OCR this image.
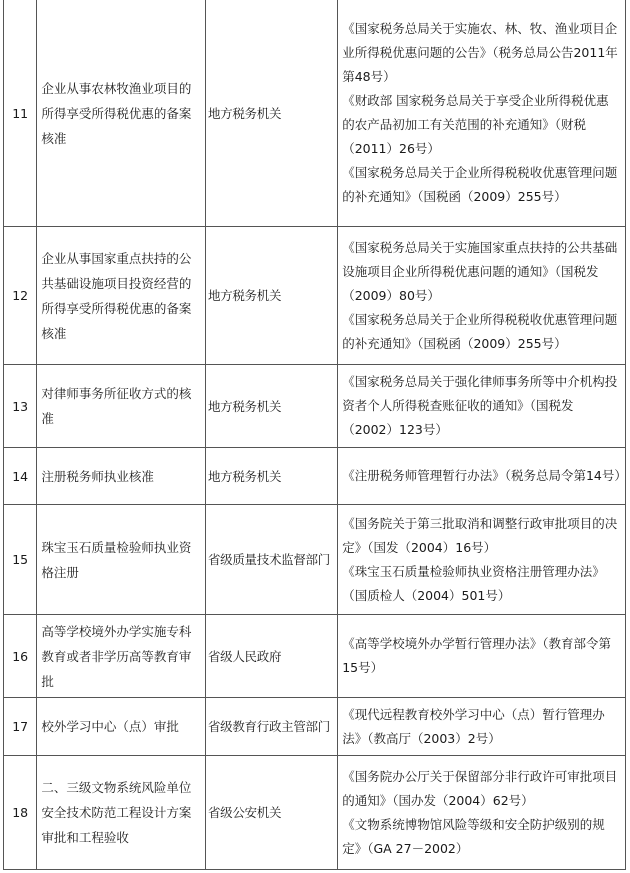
11	企业从事农林牧渔业项目的所得享受所得税优惠的备案核准	地方税务机关	《国家税务总局关于实施农、林、牧、渔业项目企业所得税优惠问题的公告》（税务总局公告2011年第48号）
《财政部 国家税务总局关于享受企业所得税优惠的农产品初加工有关范围的补充通知》（财税（2011）26号）
《国家税务总局关于企业所得税税收优惠管理问题的补充通知》（国税函（2009）255号）

12	企业从事国家重点扶持的公共基础设施项目投资经营的所得享受所得税优惠的备案核准	地方税务机关	《国家税务总局关于实施国家重点扶持的公共基础设施项目企业所得税优惠问题的通知》（国税发（2009）80号）
《国家税务总局关于企业所得税税收优惠管理问题的补充通知》（国税函（2009）255号）

13	对律师事务所征收方式的核准	地方税务机关	《国家税务总局关于强化律师事务所等中介机构投资者个人所得税查账征收的通知》（国税发（2002）123号）

14	注册税务师执业核准	地方税务机关	《注册税务师管理暂行办法》（税务总局令第14号）

15	珠宝玉石质量检验师执业资格注册	省级质量技术监督部门	《国务院关于第三批取消和调整行政审批项目的决定》（国发（2004）16号）
《珠宝玉石质量检验师执业资格注册管理办法》（国质检人（2004）501号）

16	高等学校境外办学实施专科教育或者非学历高等教育审批	省级人民政府	《高等学校境外办学暂行管理办法》（教育部令第15号）

17	校外学习中心（点）审批	省级教育行政主管部门	《现代远程教育校外学习中心（点）暂行管理办法》（教高厅（2003）2号）

18	二、三级文物系统风险单位安全技术防范工程设计方案审批和工程验收	省级公安机关	《国务院办公厅关于保留部分非行政许可审批项目的通知》（国办发（2004）62号）
《文物系统博物馆风险等级和安全防护级别的规定》（GA 27－2002）
